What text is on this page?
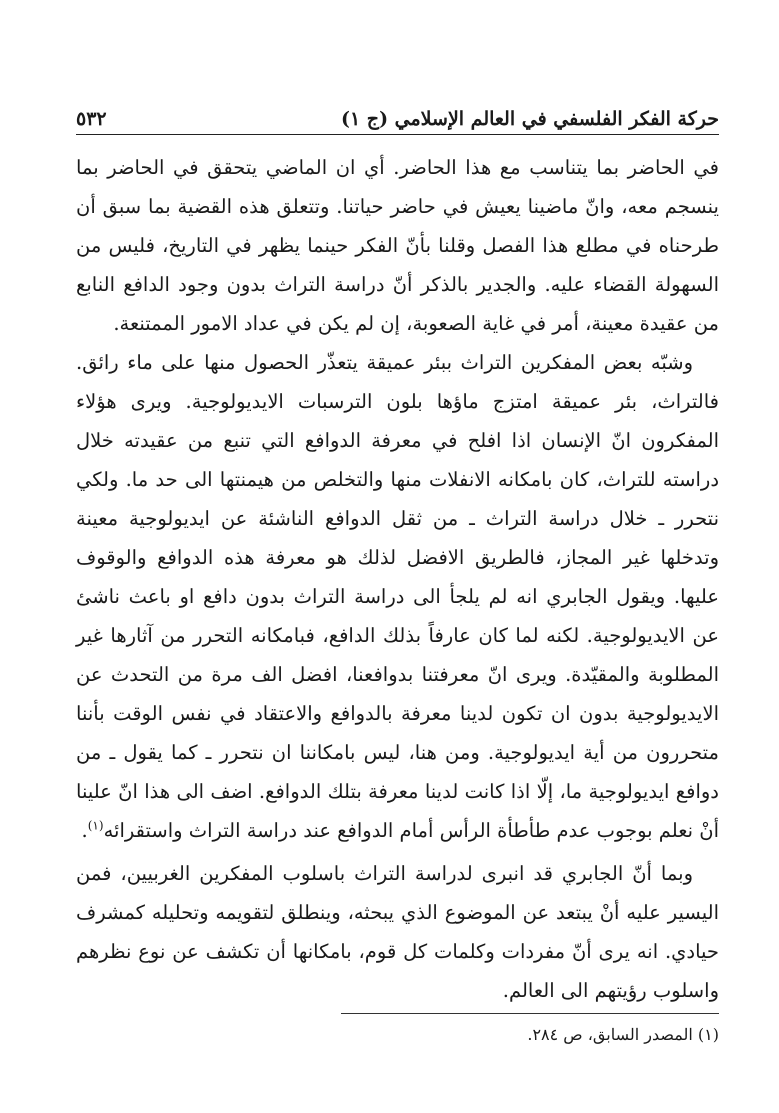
حركة الفكر الفلسفي في العالم الإسلامي (ج ١)
٥٣٢

في الحاضر بما يتناسب مع هذا الحاضر. أي ان الماضي يتحقق في الحاضر بما ينسجم معه، وانّ ماضينا يعيش في حاضر حياتنا. وتتعلق هذه القضية بما سبق أن طرحناه في مطلع هذا الفصل وقلنا بأنّ الفكر حينما يظهر في التاريخ، فليس من السهولة القضاء عليه. والجدير بالذكر أنّ دراسة التراث بدون وجود الدافع النابع من عقيدة معينة، أمر في غاية الصعوبة، إن لم يكن في عداد الامور الممتنعة.

وشبّه بعض المفكرين التراث ببئر عميقة يتعذّر الحصول منها على ماء رائق. فالتراث، بئر عميقة امتزج ماؤها بلون الترسبات الايديولوجية. ويرى هؤلاء المفكرون انّ الإنسان اذا افلح في معرفة الدوافع التي تنبع من عقيدته خلال دراسته للتراث، كان بامكانه الانفلات منها والتخلص من هيمنتها الى حد ما. ولكي نتحرر ـ خلال دراسة التراث ـ من ثقل الدوافع الناشئة عن ايديولوجية معينة وتدخلها غير المجاز، فالطريق الافضل لذلك هو معرفة هذه الدوافع والوقوف عليها. ويقول الجابري انه لم يلجأ الى دراسة التراث بدون دافع او باعث ناشئ عن الايديولوجية. لكنه لما كان عارفاً بذلك الدافع، فبامكانه التحرر من آثارها غير المطلوبة والمقيّدة. ويرى انّ معرفتنا بدوافعنا، افضل الف مرة من التحدث عن الايديولوجية بدون ان تكون لدينا معرفة بالدوافع والاعتقاد في نفس الوقت بأننا متحررون من أية ايديولوجية. ومن هنا، ليس بامكاننا ان نتحرر ـ كما يقول ـ من دوافع ايديولوجية ما، إلّا اذا كانت لدينا معرفة بتلك الدوافع. اضف الى هذا انّ علينا أنْ نعلم بوجوب عدم طأطأة الرأس أمام الدوافع عند دراسة التراث واستقرائه$^{(١)}$.

وبما أنّ الجابري قد انبرى لدراسة التراث باسلوب المفكرين الغربيين، فمن اليسير عليه أنْ يبتعد عن الموضوع الذي يبحثه، وينطلق لتقويمه وتحليله كمشرف حيادي. انه يرى أنّ مفردات وكلمات كل قوم، بامكانها أن تكشف عن نوع نظرهم واسلوب رؤيتهم الى العالم.

(١) المصدر السابق، ص ٢٨٤.
